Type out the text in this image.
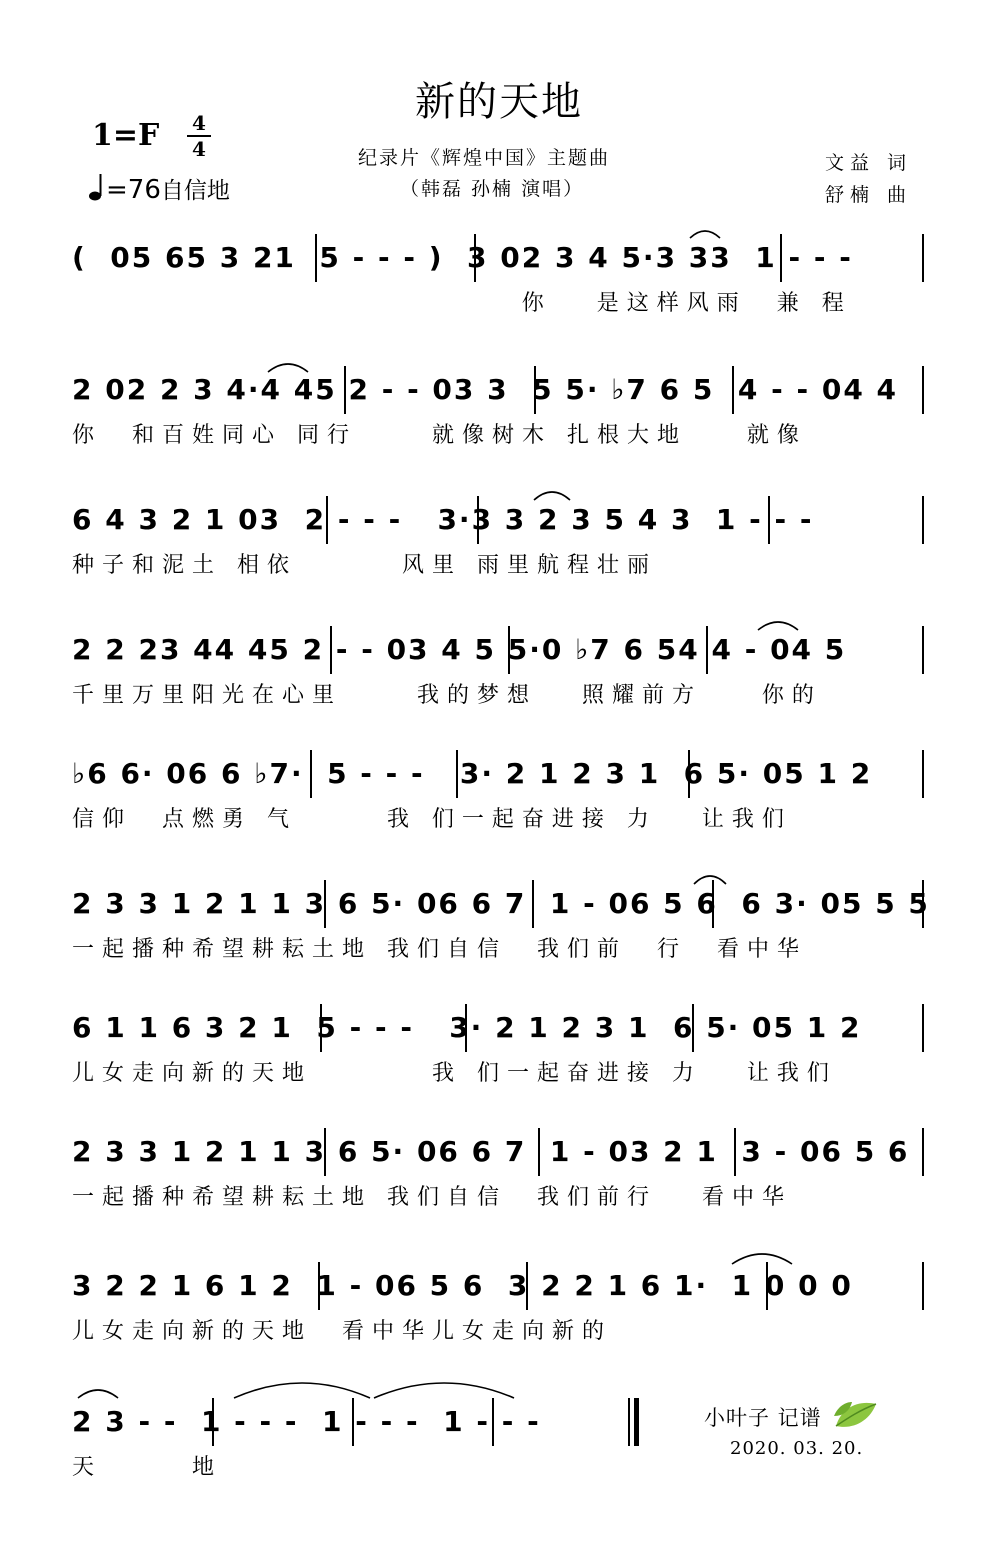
新的天地
1=F 4
4
=76自信地
纪录片《辉煌中国》主题曲
（韩磊 孙楠 演唱）
文益 词
舒楠 曲
(  05 65 3 21  5 - - - )  3 02 3 4 5·3 33  1 - - -
你   是这样风雨  兼 程
2 02 2 3 4·4 45 2 - - 03 3  5 5· ♭7 6 5  4 - - 04 4
你  和百姓同心 同行     就像树木 扎根大地    就像
6 4 3 2 1 03  2 - - -   3·3 3 2 3 5 4 3  1 - - -
种子和泥土 相依       风里 雨里航程壮丽
2 2 23 44 45 2 - - 03 4 5 5·0 ♭7 6 54 4 - 04 5
千里万里阳光在心里     我的梦想   照耀前方    你的
♭6 6· 06 6 ♭7·  5 - - -   3· 2 1 2 3 1  6 5· 05 1 2
信仰  点燃勇 气      我 们一起奋进接 力   让我们
2 3 3 1 2 1 1 3 6 5· 06 6 7  1 - 06 5 6  6 3· 05 5 5
一起播种希望耕耘土地 我们自信  我们前  行  看中华
6 1 1 6 3 2 1  5 - - -   3· 2 1 2 3 1  6 5· 05 1 2
儿女走向新的天地        我 们一起奋进接 力   让我们
2 3 3 1 2 1 1 3 6 5· 06 6 7  1 - 03 2 1  3 - 06 5 6
一起播种希望耕耘土地 我们自信  我们前行   看中华
3 2 2 1 6 1 2  1 - 06 5 6  3 2 2 1 6 1·  1 0 0 0
儿女走向新的天地  看中华儿女走向新的
2 3 - -  1 - - -  1 - - -  1 - - -
天      地
小叶子 记谱
2020. 03. 20.
